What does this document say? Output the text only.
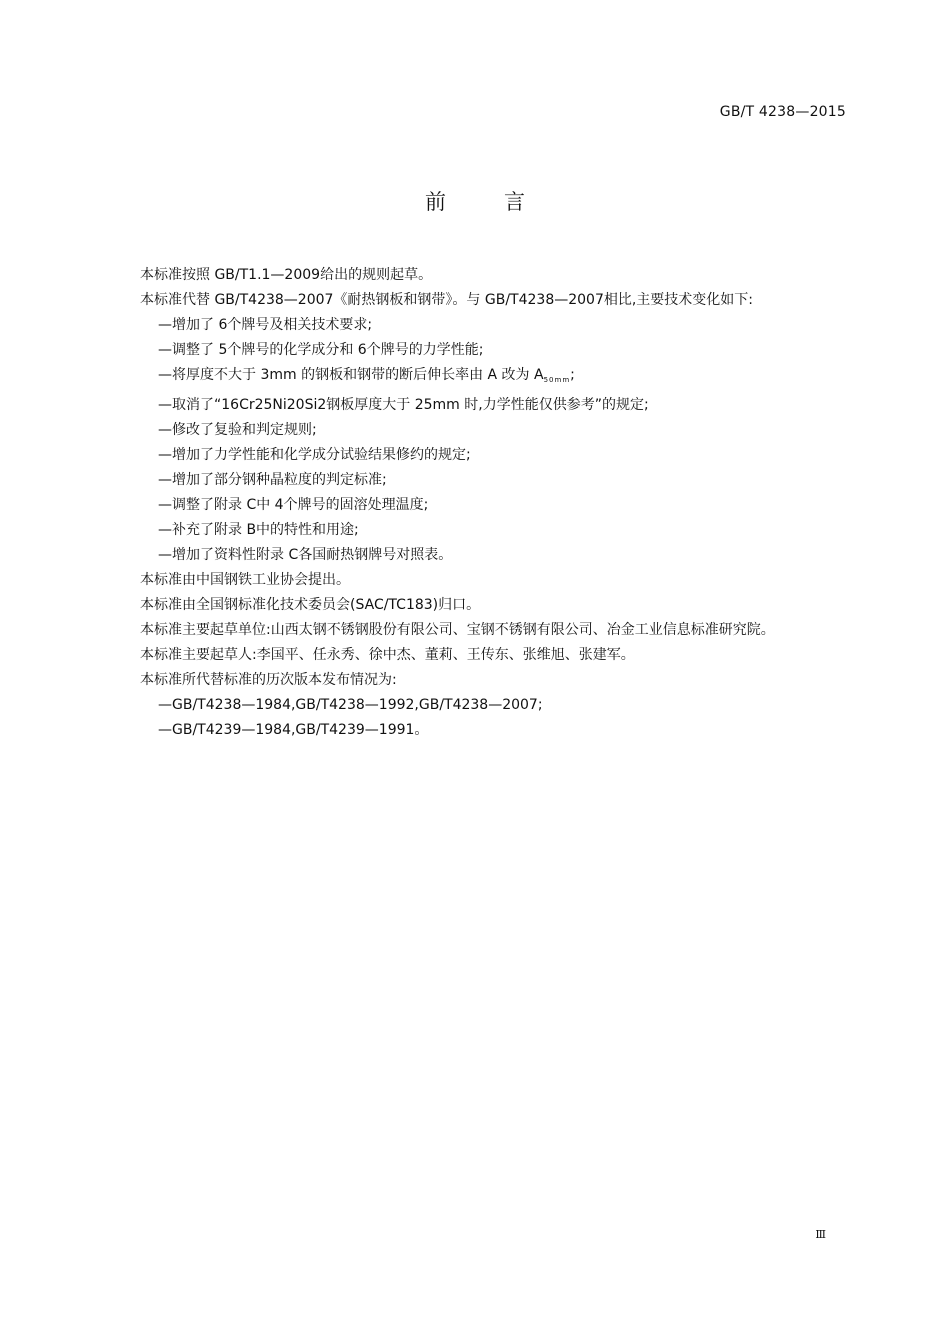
GB/T 4238—2015
前言

本标准按照 GB/T1.1—2009给出的规则起草。

本标准代替 GB/T4238—2007《耐热钢板和钢带》。与 GB/T4238—2007相比,主要技术变化如下:

—增加了 6个牌号及相关技术要求;

—调整了 5个牌号的化学成分和 6个牌号的力学性能;

—将厚度不大于 3mm 的钢板和钢带的断后伸长率由 A 改为 $A_{50mm}$;

—取消了“16Cr25Ni20Si2钢板厚度大于 25mm 时,力学性能仅供参考”的规定;

—修改了复验和判定规则;

—增加了力学性能和化学成分试验结果修约的规定;

—增加了部分钢种晶粒度的判定标准;

—调整了附录 C中 4个牌号的固溶处理温度;

—补充了附录 B中的特性和用途;

—增加了资料性附录 C各国耐热钢牌号对照表。

本标准由中国钢铁工业协会提出。

本标准由全国钢标准化技术委员会(SAC/TC183)归口。

本标准主要起草单位:山西太钢不锈钢股份有限公司、宝钢不锈钢有限公司、冶金工业信息标准研究院。

本标准主要起草人:李国平、任永秀、徐中杰、董莉、王传东、张维旭、张建军。

本标准所代替标准的历次版本发布情况为:

—GB/T4238—1984,GB/T4238—1992,GB/T4238—2007;

—GB/T4239—1984,GB/T4239—1991。

Ⅲ
